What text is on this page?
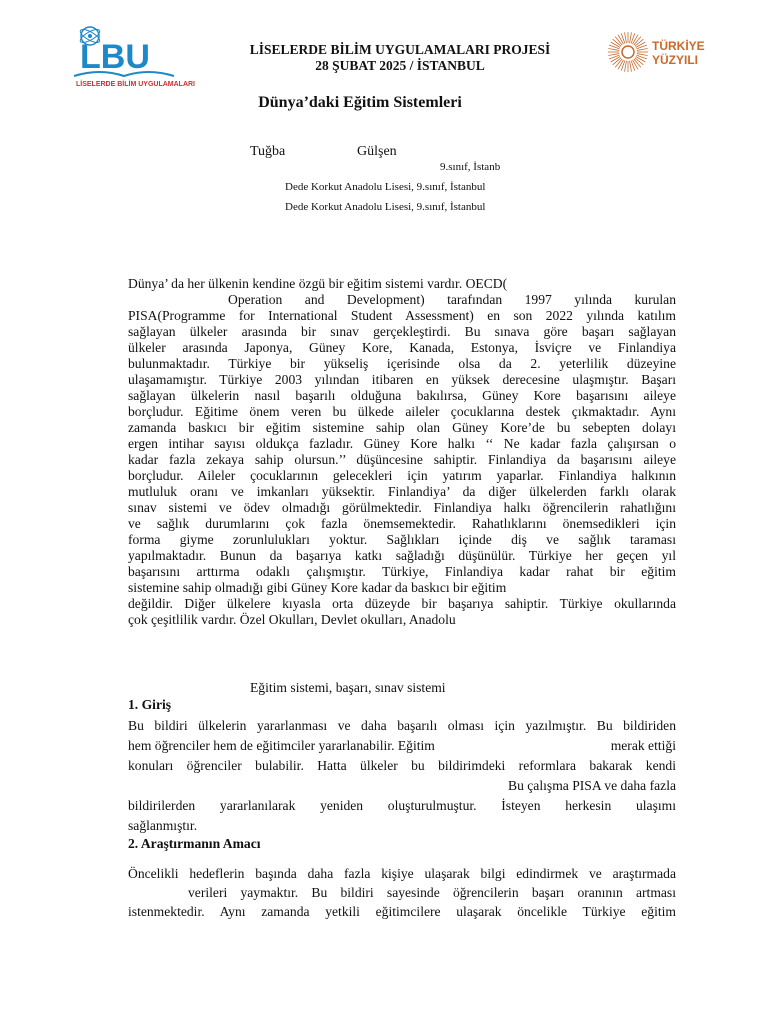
LBU
LİSELERDE BİLİM UYGULAMALARI
LİSELERDE BİLİM UYGULAMALARI PROJESİ
28 ŞUBAT 2025 / İSTANBUL
TÜRKİYE
YÜZYILI
Dünya’daki Eğitim Sistemleri
Tuğba	Gülşen
9.sınıf, İstanb
Dede Korkut Anadolu Lisesi, 9.sınıf, İstanbul
Dede Korkut Anadolu Lisesi, 9.sınıf, İstanbul
Dünya’ da her ülkenin kendine özgü bir eğitim sistemi vardır. OECD(
Operation and Development) tarafından 1997 yılında kurulan
PISA(Programme for International Student Assessment) en son 2022 yılında katılım
sağlayan ülkeler arasında bir sınav gerçekleştirdi. Bu sınava göre başarı sağlayan
ülkeler arasında Japonya, Güney Kore, Kanada, Estonya, İsviçre ve Finlandiya
bulunmaktadır. Türkiye bir yükseliş içerisinde olsa da 2. yeterlilik düzeyine
ulaşamamıştır. Türkiye 2003 yılından itibaren en yüksek derecesine ulaşmıştır. Başarı
sağlayan ülkelerin nasıl başarılı olduğuna bakılırsa, Güney Kore başarısını aileye
borçludur. Eğitime önem veren bu ülkede aileler çocuklarına destek çıkmaktadır. Aynı
zamanda baskıcı bir eğitim sistemine sahip olan Güney Kore’de bu sebepten dolayı
ergen intihar sayısı oldukça fazladır. Güney Kore halkı ‘‘ Ne kadar fazla çalışırsan o
kadar fazla zekaya sahip olursun.’’ düşüncesine sahiptir. Finlandiya da başarısını aileye
borçludur. Aileler çocuklarının gelecekleri için yatırım yaparlar. Finlandiya halkının
mutluluk oranı ve imkanları yüksektir. Finlandiya’ da diğer ülkelerden farklı olarak
sınav sistemi ve ödev olmadığı görülmektedir. Finlandiya halkı öğrencilerin rahatlığını
ve sağlık durumlarını çok fazla önemsemektedir. Rahatlıklarını önemsedikleri için
forma giyme zorunlulukları yoktur. Sağlıkları içinde diş ve sağlık taraması
yapılmaktadır. Bunun da başarıya katkı sağladığı düşünülür. Türkiye her geçen yıl
başarısını arttırma odaklı çalışmıştır. Türkiye, Finlandiya kadar rahat bir eğitim
sistemine sahip olmadığı gibi Güney Kore kadar da baskıcı bir eğitim
değildir. Diğer ülkelere kıyasla orta düzeyde bir başarıya sahiptir. Türkiye okullarında
çok çeşitlilik vardır. Özel Okulları, Devlet okulları, Anadolu
Eğitim sistemi, başarı, sınav sistemi
1. Giriş
Bu bildiri ülkelerin yararlanması ve daha başarılı olması için yazılmıştır. Bu bildiriden
hem öğrenciler hem de eğitimciler yararlanabilir. Eğitim	merak ettiği
konuları öğrenciler bulabilir. Hatta ülkeler bu bildirimdeki reformlara bakarak kendi
Bu çalışma PISA ve daha fazla
bildirilerden yararlanılarak yeniden oluşturulmuştur. İsteyen herkesin ulaşımı
sağlanmıştır.
2. Araştırmanın Amacı
Öncelikli hedeflerin başında daha fazla kişiye ulaşarak bilgi edindirmek ve araştırmada
verileri yaymaktır. Bu bildiri sayesinde öğrencilerin başarı oranının artması
istenmektedir. Aynı zamanda yetkili eğitimcilere ulaşarak öncelikle Türkiye eğitim
